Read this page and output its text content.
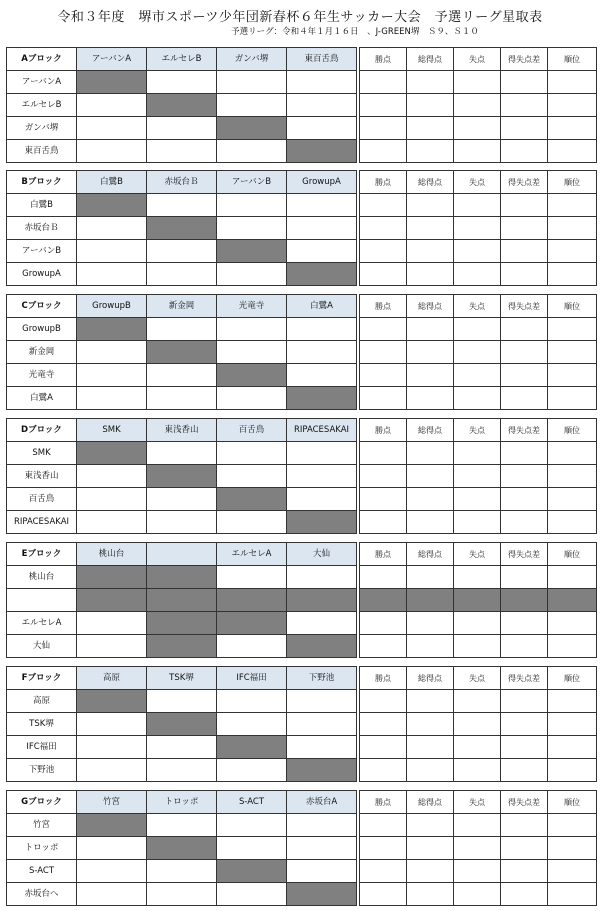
令和３年度　堺市スポーツ少年団新春杯６年生サッカー大会　予選リーグ星取表
予選リーグ：令和４年１月１６日　、J-GREEN堺　Ｓ９、Ｓ１０
Aブロック	アーバンA	エルセレB	ガンバ堺	東百舌鳥		勝点	総得点	失点	得失点差	順位
アーバンA										
エルセレB										
ガンバ堺										
東百舌鳥										
Bブロック	白鷺B	赤坂台Ｂ	アーバンB	GrowupA		勝点	総得点	失点	得失点差	順位
白鷺B										
赤坂台Ｂ										
アーバンB										
GrowupA										
Cブロック	GrowupB	新金岡	光竜寺	白鷺A		勝点	総得点	失点	得失点差	順位
GrowupB										
新金岡										
光竜寺										
白鷺A										
Dブロック	SMK	東浅香山	百舌鳥	RIPACESAKAI		勝点	総得点	失点	得失点差	順位
SMK										
東浅香山										
百舌鳥										
RIPACESAKAI										
Eブロック	桃山台		エルセレA	大仙		勝点	総得点	失点	得失点差	順位
桃山台										

エルセレA										
大仙										
Fブロック	高原	TSK堺	IFC福田	下野池		勝点	総得点	失点	得失点差	順位
高原										
TSK堺										
IFC福田										
下野池										
Gブロック	竹宮	トロッポ	S-ACT	赤坂台A		勝点	総得点	失点	得失点差	順位
竹宮										
トロッポ										
S-ACT										
赤坂台へ										
